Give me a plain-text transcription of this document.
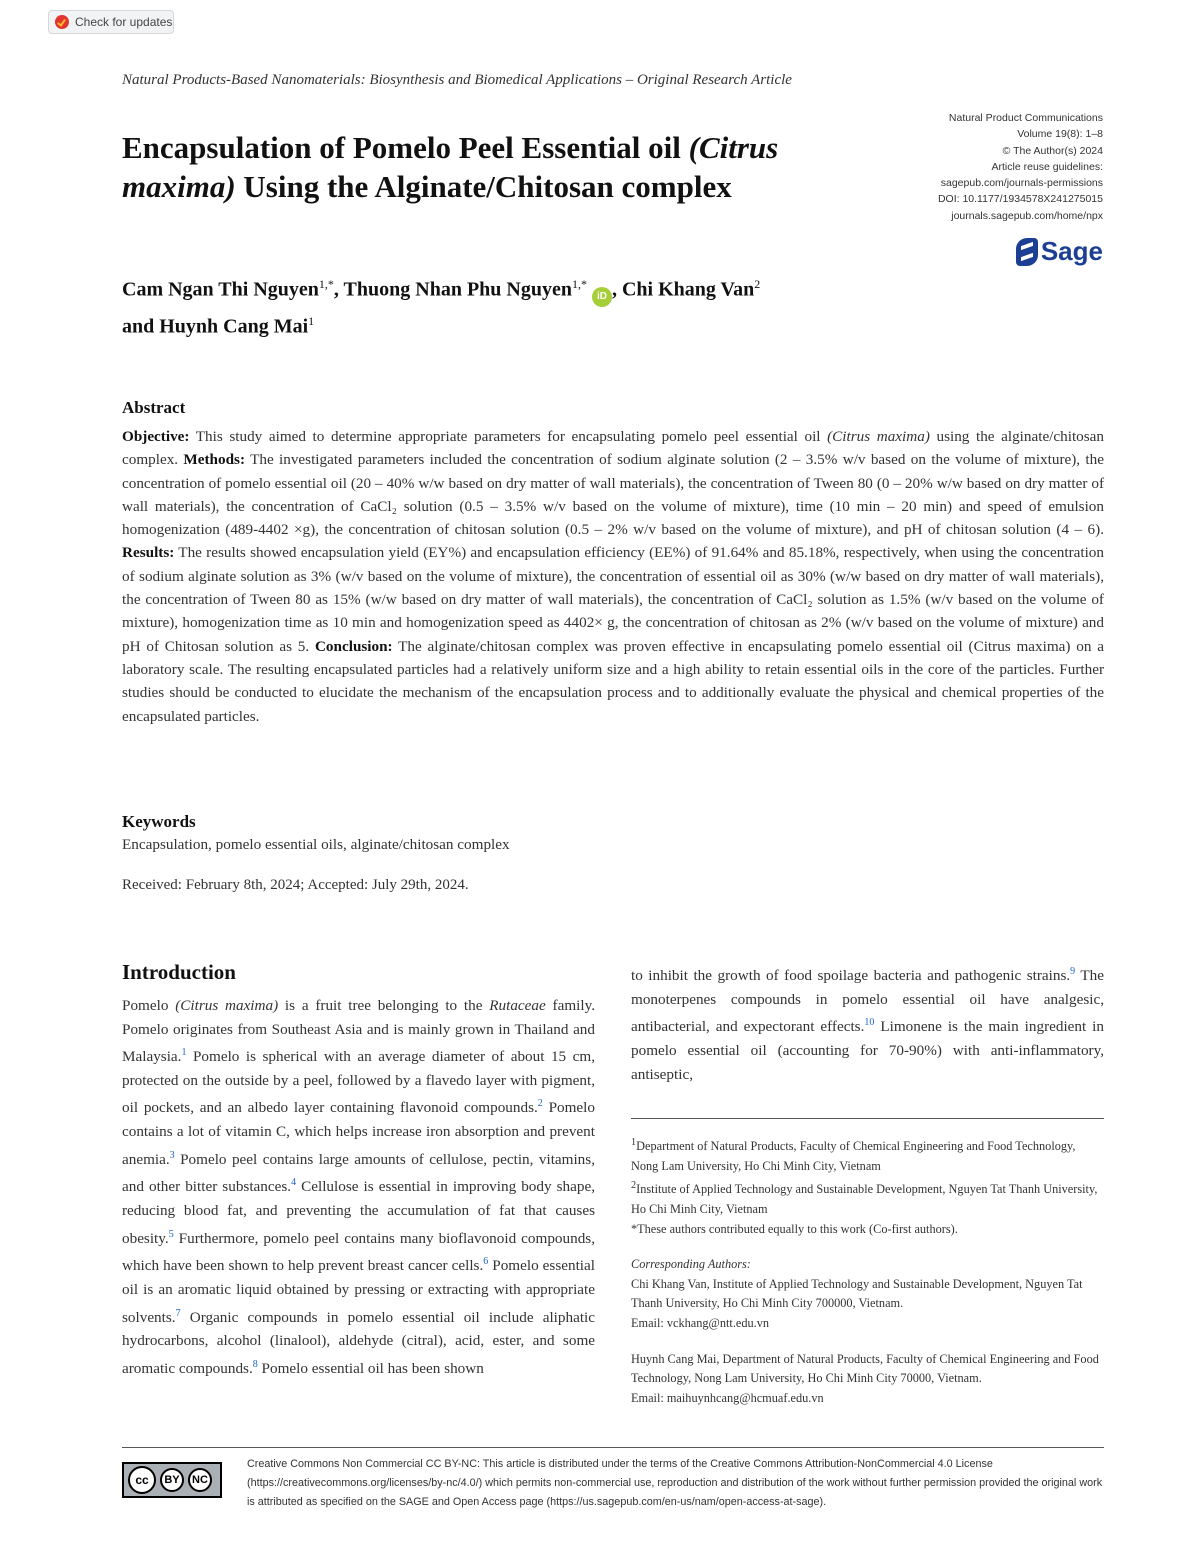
Check for updates
Natural Products-Based Nanomaterials: Biosynthesis and Biomedical Applications – Original Research Article
Encapsulation of Pomelo Peel Essential oil (Citrus maxima) Using the Alginate/Chitosan complex
Natural Product Communications
Volume 19(8): 1–8
© The Author(s) 2024
Article reuse guidelines:
sagepub.com/journals-permissions
DOI: 10.1177/1934578X241275015
journals.sagepub.com/home/npx
Sage
Cam Ngan Thi Nguyen$^{1,*}$, Thuong Nhan Phu Nguyen$^{1,*}$ iD , Chi Khang Van$^2$
and Huynh Cang Mai$^1$
Abstract
Objective: This study aimed to determine appropriate parameters for encapsulating pomelo peel essential oil (Citrus maxima) using the alginate/chitosan complex. Methods: The investigated parameters included the concentration of sodium alginate solution (2 – 3.5% w/v based on the volume of mixture), the concentration of pomelo essential oil (20 – 40% w/w based on dry matter of wall materials), the concentration of Tween 80 (0 – 20% w/w based on dry matter of wall materials), the concentration of CaCl₂ solution (0.5 – 3.5% w/v based on the volume of mixture), time (10 min – 20 min) and speed of emulsion homogenization (489-4402 ×g), the concentration of chitosan solution (0.5 – 2% w/v based on the volume of mixture), and pH of chitosan solution (4 – 6). Results: The results showed encapsulation yield (EY%) and encapsulation efficiency (EE%) of 91.64% and 85.18%, respectively, when using the concentration of sodium alginate solution as 3% (w/v based on the volume of mixture), the concentration of essential oil as 30% (w/w based on dry matter of wall materials), the concentration of Tween 80 as 15% (w/w based on dry matter of wall materials), the concentration of CaCl₂ solution as 1.5% (w/v based on the volume of mixture), homogenization time as 10 min and homogenization speed as 4402× g, the concentration of chitosan as 2% (w/v based on the volume of mixture) and pH of Chitosan solution as 5. Conclusion: The alginate/chitosan complex was proven effective in encapsulating pomelo essential oil (Citrus maxima) on a laboratory scale. The resulting encapsulated particles had a relatively uniform size and a high ability to retain essential oils in the core of the particles. Further studies should be conducted to elucidate the mechanism of the encapsulation process and to additionally evaluate the physical and chemical properties of the encapsulated particles.
Keywords
Encapsulation, pomelo essential oils, alginate/chitosan complex
Received: February 8th, 2024; Accepted: July 29th, 2024.
Introduction
Pomelo (Citrus maxima) is a fruit tree belonging to the Rutaceae family. Pomelo originates from Southeast Asia and is mainly grown in Thailand and Malaysia.$^1$ Pomelo is spherical with an average diameter of about 15 cm, protected on the outside by a peel, followed by a flavedo layer with pigment, oil pockets, and an albedo layer containing flavonoid compounds.$^2$ Pomelo contains a lot of vitamin C, which helps increase iron absorption and prevent anemia.$^3$ Pomelo peel contains large amounts of cellulose, pectin, vitamins, and other bitter substances.$^4$ Cellulose is essential in improving body shape, reducing blood fat, and preventing the accumulation of fat that causes obesity.$^5$ Furthermore, pomelo peel contains many bioflavonoid compounds, which have been shown to help prevent breast cancer cells.$^6$ Pomelo essential oil is an aromatic liquid obtained by pressing or extracting with appropriate solvents.$^7$ Organic compounds in pomelo essential oil include aliphatic hydrocarbons, alcohol (linalool), aldehyde (citral), acid, ester, and some aromatic compounds.$^8$ Pomelo essential oil has been shown
to inhibit the growth of food spoilage bacteria and pathogenic strains.$^9$ The monoterpenes compounds in pomelo essential oil have analgesic, antibacterial, and expectorant effects.$^{10}$ Limonene is the main ingredient in pomelo essential oil (accounting for 70-90%) with anti-inflammatory, antiseptic,

$^1$Department of Natural Products, Faculty of Chemical Engineering and Food Technology, Nong Lam University, Ho Chi Minh City, Vietnam

$^2$Institute of Applied Technology and Sustainable Development, Nguyen Tat Thanh University, Ho Chi Minh City, Vietnam

*These authors contributed equally to this work (Co-first authors).

Corresponding Authors:

Chi Khang Van, Institute of Applied Technology and Sustainable Development, Nguyen Tat Thanh University, Ho Chi Minh City 700000, Vietnam.

Email: vckhang@ntt.edu.vn

Huynh Cang Mai, Department of Natural Products, Faculty of Chemical Engineering and Food Technology, Nong Lam University, Ho Chi Minh City 70000, Vietnam.

Email: maihuynhcang@hcmuaf.edu.vn

cc	BY	NC
Creative Commons Non Commercial CC BY-NC: This article is distributed under the terms of the Creative Commons Attribution-NonCommercial 4.0 License (https://creativecommons.org/licenses/by-nc/4.0/) which permits non-commercial use, reproduction and distribution of the work without further permission provided the original work is attributed as specified on the SAGE and Open Access page (https://us.sagepub.com/en-us/nam/open-access-at-sage).
